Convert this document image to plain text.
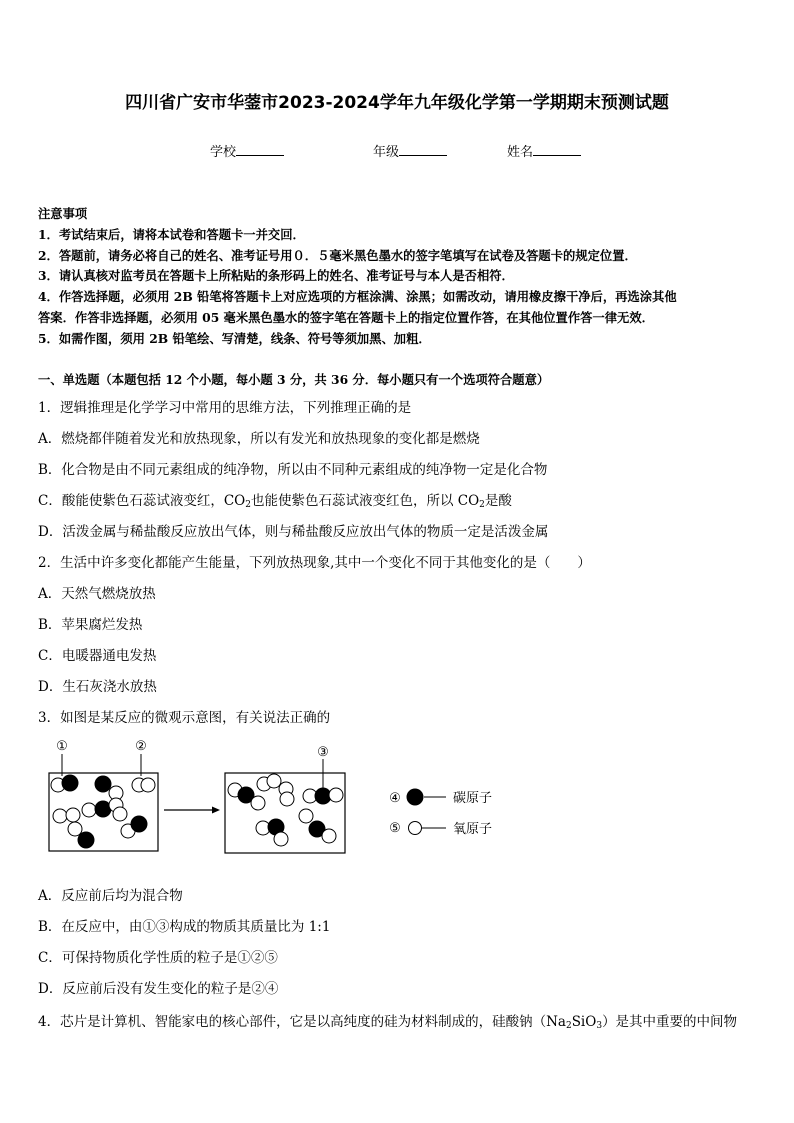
四川省广安市华蓥市2023-2024学年九年级化学第一学期期末预测试题
学校	年级	姓名
注意事项
1．考试结束后，请将本试卷和答题卡一并交回．
2．答题前，请务必将自己的姓名、准考证号用０．５毫米黑色墨水的签字笔填写在试卷及答题卡的规定位置．
3．请认真核对监考员在答题卡上所粘贴的条形码上的姓名、准考证号与本人是否相符．
4．作答选择题，必须用 2B 铅笔将答题卡上对应选项的方框涂满、涂黑；如需改动，请用橡皮擦干净后，再选涂其他
答案．作答非选择题，必须用 05 毫米黑色墨水的签字笔在答题卡上的指定位置作答，在其他位置作答一律无效．
5．如需作图，须用 2B 铅笔绘、写清楚，线条、符号等须加黑、加粗．
一、单选题（本题包括 12 个小题，每小题 3 分，共 36 分．每小题只有一个选项符合题意）
1．逻辑推理是化学学习中常用的思维方法，下列推理正确的是
A．燃烧都伴随着发光和放热现象，所以有发光和放热现象的变化都是燃烧
B．化合物是由不同元素组成的纯净物，所以由不同种元素组成的纯净物一定是化合物
C．酸能使紫色石蕊试液变红，$CO_2$也能使紫色石蕊试液变红色，所以 $CO_2$是酸
D．活泼金属与稀盐酸反应放出气体，则与稀盐酸反应放出气体的物质一定是活泼金属
2．生活中许多变化都能产生能量，下列放热现象,其中一个变化不同于其他变化的是（　　）
A．天然气燃烧放热
B．苹果腐烂发热
C．电暖器通电发热
D．生石灰浇水放热
3．如图是某反应的微观示意图，有关说法正确的
①	②	③
④	碳原子
⑤	氧原子
A．反应前后均为混合物
B．在反应中，由①③构成的物质其质量比为 1:1
C．可保持物质化学性质的粒子是①②⑤
D．反应前后没有发生变化的粒子是②④
4．芯片是计算机、智能家电的核心部件，它是以高纯度的硅为材料制成的，硅酸钠$(Na_2SiO_3)$是其中重要的中间物
